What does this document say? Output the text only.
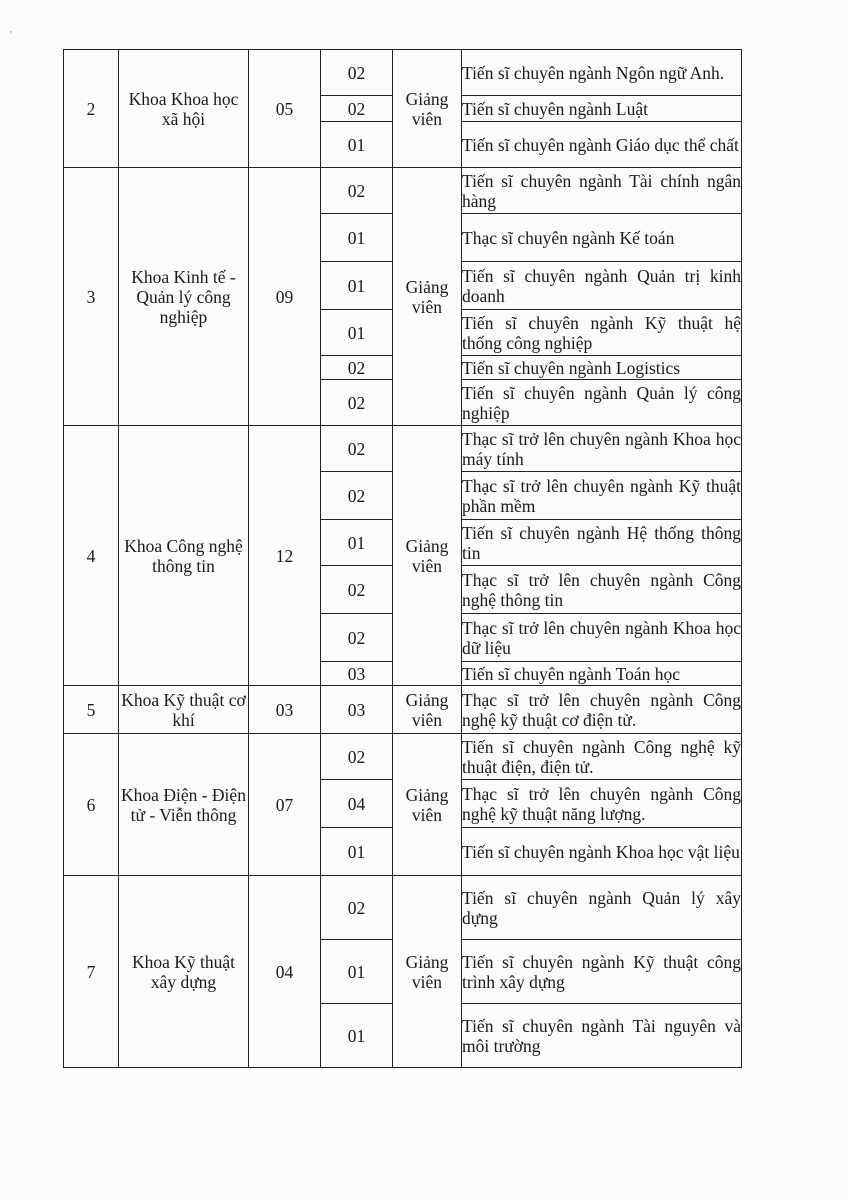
'
2	Khoa Khoa học xã hội	05	02	Giảng viên	Tiến sĩ chuyên ngành Ngôn ngữ Anh.
			02		Tiến sĩ chuyên ngành Luật
			01		Tiến sĩ chuyên ngành Giáo dục thể chất
3	Khoa Kinh tế - Quản lý công nghiệp	09	02	Giảng viên	Tiến sĩ chuyên ngành Tài chính ngân hàng
			01		Thạc sĩ chuyên ngành Kế toán
			01		Tiến sĩ chuyên ngành Quản trị kinh doanh
			01		Tiến sĩ chuyên ngành Kỹ thuật hệ thống công nghiệp
			02		Tiến sĩ chuyên ngành Logistics
			02		Tiến sĩ chuyên ngành Quản lý công nghiệp
4	Khoa Công nghệ thông tin	12	02	Giảng viên	Thạc sĩ trở lên chuyên ngành Khoa học máy tính
			02		Thạc sĩ trở lên chuyên ngành Kỹ thuật phần mềm
			01		Tiến sĩ chuyên ngành Hệ thống thông tin
			02		Thạc sĩ trở lên chuyên ngành Công nghệ thông tin
			02		Thạc sĩ trở lên chuyên ngành Khoa học dữ liệu
			03		Tiến sĩ chuyên ngành Toán học
5	Khoa Kỹ thuật cơ khí	03	03	Giảng viên	Thạc sĩ trở lên chuyên ngành Công nghệ kỹ thuật cơ điện tử.
6	Khoa Điện - Điện tử - Viễn thông	07	02	Giảng viên	Tiến sĩ chuyên ngành Công nghệ kỹ thuật điện, điện tử.
			04		Thạc sĩ trở lên chuyên ngành Công nghệ kỹ thuật năng lượng.
			01		Tiến sĩ chuyên ngành Khoa học vật liệu
7	Khoa Kỹ thuật xây dựng	04	02	Giảng viên	Tiến sĩ chuyên ngành Quản lý xây dựng
			01		Tiến sĩ chuyên ngành Kỹ thuật công trình xây dựng
			01		Tiến sĩ chuyên ngành Tài nguyên và môi trường
